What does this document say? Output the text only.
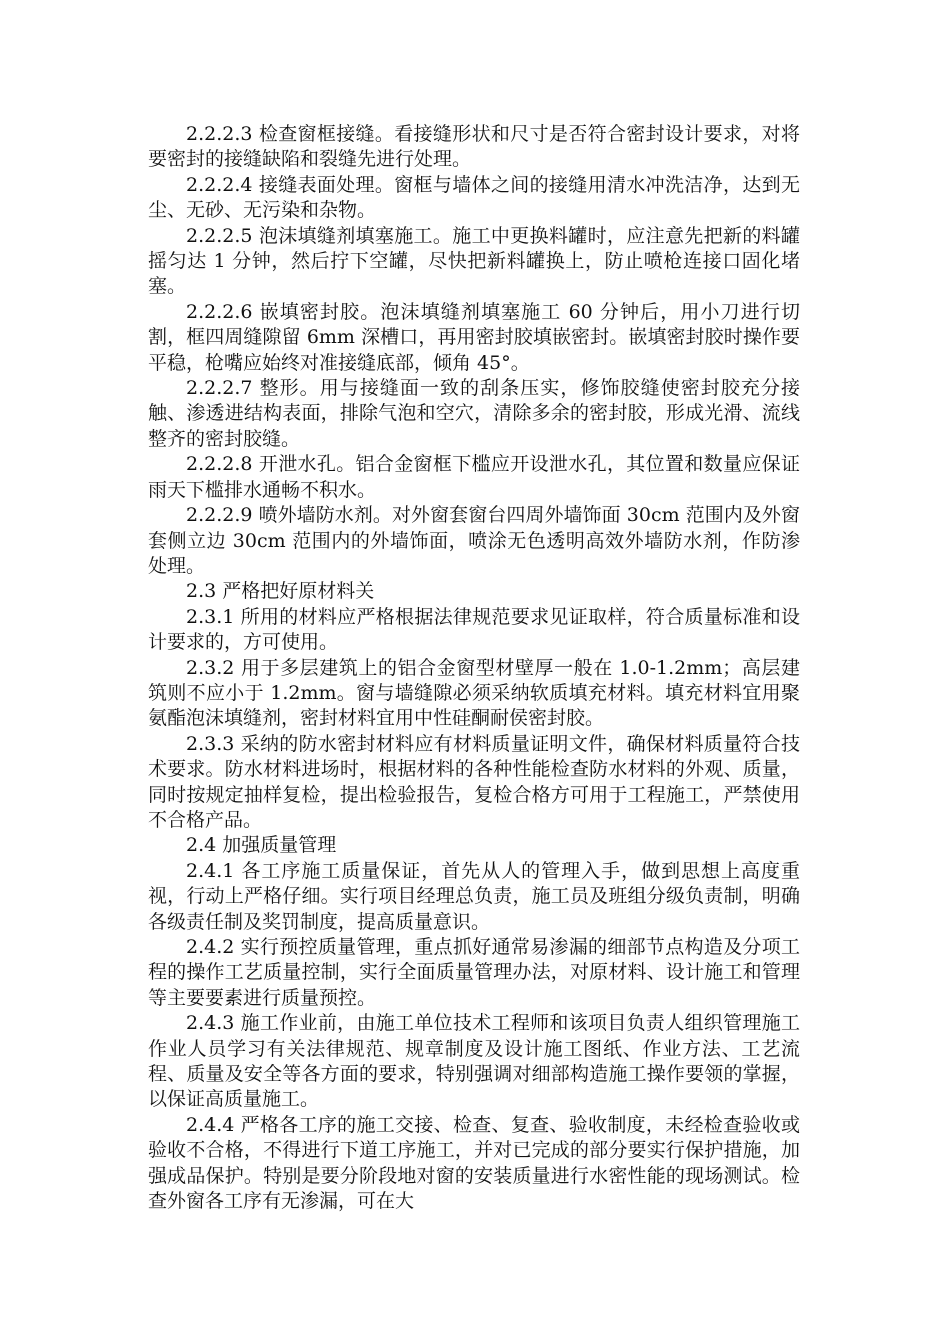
2.2.2.3 检查窗框接缝。看接缝形状和尺寸是否符合密封设计要求，对将要密封的接缝缺陷和裂缝先进行处理。

2.2.2.4 接缝表面处理。窗框与墙体之间的接缝用清水冲洗洁净，达到无尘、无砂、无污染和杂物。

2.2.2.5 泡沫填缝剂填塞施工。施工中更换料罐时，应注意先把新的料罐摇匀达 1 分钟，然后拧下空罐，尽快把新料罐换上，防止喷枪连接口固化堵塞。

2.2.2.6 嵌填密封胶。泡沫填缝剂填塞施工 60 分钟后，用小刀进行切割，框四周缝隙留 6mm 深槽口，再用密封胶填嵌密封。嵌填密封胶时操作要平稳，枪嘴应始终对准接缝底部，倾角 45°。

2.2.2.7 整形。用与接缝面一致的刮条压实，修饰胶缝使密封胶充分接触、渗透进结构表面，排除气泡和空穴，清除多余的密封胶，形成光滑、流线整齐的密封胶缝。

2.2.2.8 开泄水孔。铝合金窗框下槛应开设泄水孔，其位置和数量应保证雨天下槛排水通畅不积水。

2.2.2.9 喷外墙防水剂。对外窗套窗台四周外墙饰面 30cm 范围内及外窗套侧立边 30cm 范围内的外墙饰面，喷涂无色透明高效外墙防水剂，作防渗处理。

2.3 严格把好原材料关

2.3.1 所用的材料应严格根据法律规范要求见证取样，符合质量标准和设计要求的，方可使用。

2.3.2 用于多层建筑上的铝合金窗型材壁厚一般在 1.0-1.2mm；高层建筑则不应小于 1.2mm。窗与墙缝隙必须采纳软质填充材料。填充材料宜用聚氨酯泡沫填缝剂，密封材料宜用中性硅酮耐侯密封胶。

2.3.3 采纳的防水密封材料应有材料质量证明文件，确保材料质量符合技术要求。防水材料进场时，根据材料的各种性能检查防水材料的外观、质量，同时按规定抽样复检，提出检验报告，复检合格方可用于工程施工，严禁使用不合格产品。

2.4 加强质量管理

2.4.1 各工序施工质量保证，首先从人的管理入手，做到思想上高度重视，行动上严格仔细。实行项目经理总负责，施工员及班组分级负责制，明确各级责任制及奖罚制度，提高质量意识。

2.4.2 实行预控质量管理，重点抓好通常易渗漏的细部节点构造及分项工程的操作工艺质量控制，实行全面质量管理办法，对原材料、设计施工和管理等主要要素进行质量预控。

2.4.3 施工作业前，由施工单位技术工程师和该项目负责人组织管理施工作业人员学习有关法律规范、规章制度及设计施工图纸、作业方法、工艺流程、质量及安全等各方面的要求，特别强调对细部构造施工操作要领的掌握，以保证高质量施工。

2.4.4 严格各工序的施工交接、检查、复查、验收制度，未经检查验收或验收不合格，不得进行下道工序施工，并对已完成的部分要实行保护措施，加强成品保护。特别是要分阶段地对窗的安装质量进行水密性能的现场测试。检查外窗各工序有无渗漏，可在大
